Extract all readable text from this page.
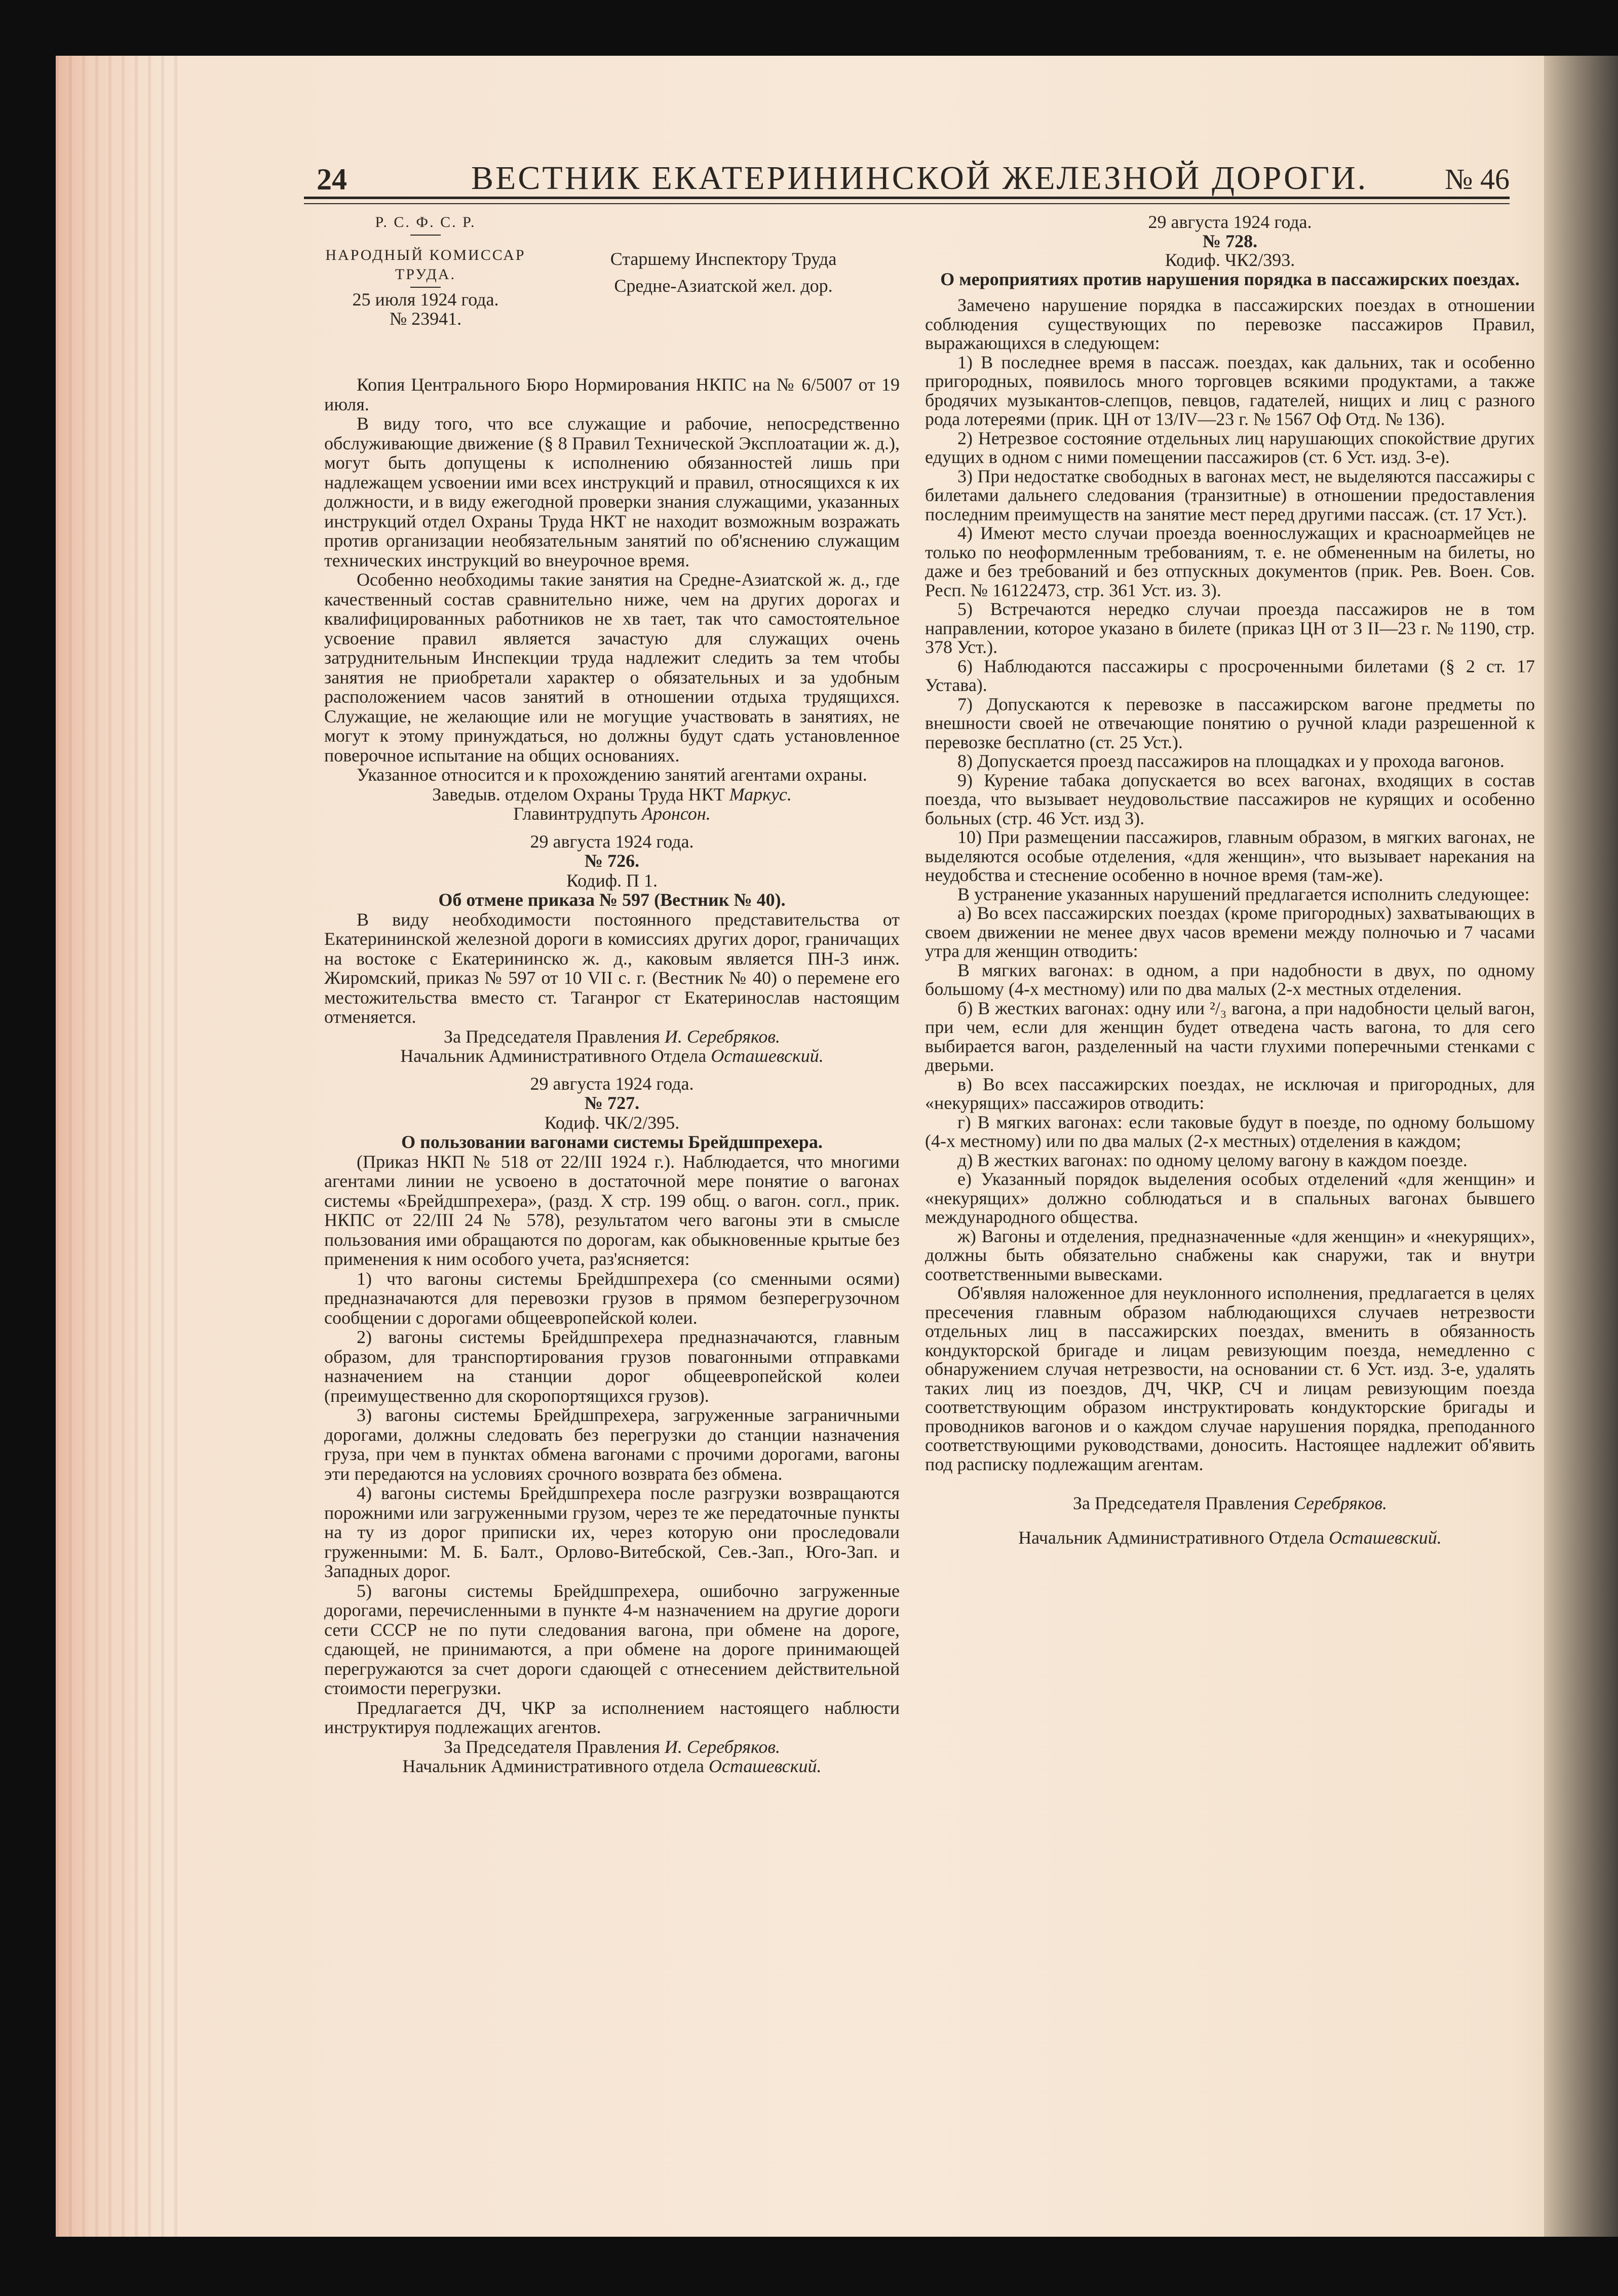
24	ВЕСТНИК ЕКАТЕРИНИНСКОЙ ЖЕЛЕЗНОЙ ДОРОГИ.	№ 46
Р. С. Ф. С. Р.
НАРОДНЫЙ КОМИССАР
ТРУДА.
25 июля 1924 года.
№ 23941.
Старшему Инспектору Труда
Средне-Азиатской жел. дор.

Копия Центрального Бюро Нормирования НКПС на № 6/5007 от 19 июля.

В виду того, что все служащие и рабочие, непосредственно обслуживающие движение (§ 8 Правил Технической Эксплоатации ж. д.), могут быть допущены к исполнению обязанностей лишь при надлежащем усвоении ими всех инструкций и правил, относящихся к их должности, и в виду ежегодной проверки знания служащими, указанных инструкций отдел Охраны Труда НКТ не находит возможным возражать против организации необязательным занятий по об'яснению служащим технических инструкций во внеурочное время.

Особенно необходимы такие занятия на Средне-Азиатской ж. д., где качественный состав сравнительно ниже, чем на других дорогах и квалифицированных работников не хв тает, так что самостоятельное усвоение правил является зачастую для служащих очень затруднительным Инспекции труда надлежит следить за тем чтобы занятия не приобретали характер о обязательных и за удобным расположением часов занятий в отношении отдыха трудящихся. Служащие, не желающие или не могущие участвовать в занятиях, не могут к этому принуждаться, но должны будут сдать установленное поверочное испытание на общих основаниях.

Указанное относится и к прохождению занятий агентами охраны.

Заведыв. отделом Охраны Труда НКТ Маркус.

Главинтрудпуть Аронсон.

29 августа 1924 года.

№ 726.

Кодиф. П 1.

Об отмене приказа № 597 (Вестник № 40).

В виду необходимости постоянного представительства от Екатерининской железной дороги в комиссиях других дорог, граничащих на востоке с Екатерининско ж. д., каковым является ПН-3 инж. Жиромский, приказ № 597 от 10 VII с. г. (Вестник № 40) о перемене его местожительства вместо ст. Таганрог ст Екатеринослав настоящим отменяется.

За Председателя Правления И. Серебряков.

Начальник Административного Отдела Осташевский.

29 августа 1924 года.

№ 727.

Кодиф. ЧК/2/395.

О пользовании вагонами системы Брейдшпрехера.

(Приказ НКП № 518 от 22/III 1924 г.). Наблюдается, что многими агентами линии не усвоено в достаточной мере понятие о вагонах системы «Брейдшпрехера», (разд. X стр. 199 общ. о вагон. согл., прик. НКПС от 22/III 24 № 578), результатом чего вагоны эти в смысле пользования ими обращаются по дорогам, как обыкновенные крытые без применения к ним особого учета, раз'ясняется:

1) что вагоны системы Брейдшпрехера (со сменными осями) предназначаются для перевозки грузов в прямом безперегрузочном сообщении с дорогами общеевропейской колеи.

2) вагоны системы Брейдшпрехера предназначаются, главным образом, для транспортирования грузов повагонными отправками назначением на станции дорог общеевропейской колеи (преимущественно для скоропортящихся грузов).

3) вагоны системы Брейдшпрехера, загруженные заграничными дорогами, должны следовать без перегрузки до станции назначения груза, при чем в пунктах обмена вагонами с прочими дорогами, вагоны эти передаются на условиях срочного возврата без обмена.

4) вагоны системы Брейдшпрехера после разгрузки возвращаются порожними или загруженными грузом, через те же передаточные пункты на ту из дорог приписки их, через которую они проследовали груженными: М. Б. Балт., Орлово-Витебской, Сев.-Зап., Юго-Зап. и Западных дорог.

5) вагоны системы Брейдшпрехера, ошибочно загруженные дорогами, перечисленными в пункте 4-м назначением на другие дороги сети СССР не по пути следования вагона, при обмене на дороге, сдающей, не принимаются, а при обмене на дороге принимающей перегружаются за счет дороги сдающей с отнесением действительной стоимости перегрузки.

Предлагается ДЧ, ЧКР за исполнением настоящего наблюсти инструктируя подлежащих агентов.

За Председателя Правления И. Серебряков.

Начальник Административного отдела Осташевский.

29 августа 1924 года.

№ 728.

Кодиф. ЧК2/393.

О мероприятиях против нарушения порядка в пассажирских поездах.

Замечено нарушение порядка в пассажирских поездах в отношении соблюдения существующих по перевозке пассажиров Правил, выражающихся в следующем:

1) В последнее время в пассаж. поездах, как дальних, так и особенно пригородных, появилось много торговцев всякими продуктами, а также бродячих музыкантов-слепцов, певцов, гадателей, нищих и лиц с разного рода лотереями (прик. ЦН от 13/IV—23 г. № 1567 Оф Отд. № 136).

2) Нетрезвое состояние отдельных лиц нарушающих спокойствие других едущих в одном с ними помещении пассажиров (ст. 6 Уст. изд. 3-е).

3) При недостатке свободных в вагонах мест, не выделяются пассажиры с билетами дальнего следования (транзитные) в отношении предоставления последним преимуществ на занятие мест перед другими пассаж. (ст. 17 Уст.).

4) Имеют место случаи проезда военнослужащих и красноармейцев не только по неоформленным требованиям, т. е. не обмененным на билеты, но даже и без требований и без отпускных документов (прик. Рев. Воен. Сов. Респ. № 16122473, стр. 361 Уст. из. 3).

5) Встречаются нередко случаи проезда пассажиров не в том направлении, которое указано в билете (приказ ЦН от 3 II—23 г. № 1190, стр. 378 Уст.).

6) Наблюдаются пассажиры с просроченными билетами (§ 2 ст. 17 Устава).

7) Допускаются к перевозке в пассажирском вагоне предметы по внешности своей не отвечающие понятию о ручной клади разрешенной к перевозке бесплатно (ст. 25 Уст.).

8) Допускается проезд пассажиров на площадках и у прохода вагонов.

9) Курение табака допускается во всех вагонах, входящих в состав поезда, что вызывает неудовольствие пассажиров не курящих и особенно больных (стр. 46 Уст. изд 3).

10) При размещении пассажиров, главным образом, в мягких вагонах, не выделяются особые отделения, «для женщин», что вызывает нарекания на неудобства и стеснение особенно в ночное время (там-же).

В устранение указанных нарушений предлагается исполнить следующее:

а) Во всех пассажирских поездах (кроме пригородных) захватывающих в своем движении не менее двух часов времени между полночью и 7 часами утра для женщин отводить:

В мягких вагонах: в одном, а при надобности в двух, по одному большому (4-х местному) или по два малых (2-х местных отделения.

б) В жестких вагонах: одну или ²/₃ вагона, а при надобности целый вагон, при чем, если для женщин будет отведена часть вагона, то для сего выбирается вагон, разделенный на части глухими поперечными стенками с дверьми.

в) Во всех пассажирских поездах, не исключая и пригородных, для «некурящих» пассажиров отводить:

г) В мягких вагонах: если таковые будут в поезде, по одному большому (4-х местному) или по два малых (2-х местных) отделения в каждом;

д) В жестких вагонах: по одному целому вагону в каждом поезде.

е) Указанный порядок выделения особых отделений «для женщин» и «некурящих» должно соблюдаться и в спальных вагонах бывшего международного общества.

ж) Вагоны и отделения, предназначенные «для женщин» и «некурящих», должны быть обязательно снабжены как снаружи, так и внутри соответственными вывесками.

Об'являя наложенное для неуклонного исполнения, предлагается в целях пресечения главным образом наблюдающихся случаев нетрезвости отдельных лиц в пассажирских поездах, вменить в обязанность кондукторской бригаде и лицам ревизующим поезда, немедленно с обнаружением случая нетрезвости, на основании ст. 6 Уст. изд. 3-е, удалять таких лиц из поездов, ДЧ, ЧКР, СЧ и лицам ревизующим поезда соответствующим образом инструктировать кондукторские бригады и проводников вагонов и о каждом случае нарушения порядка, преподанного соответствующими руководствами, доносить. Настоящее надлежит об'явить под расписку подлежащим агентам.

За Председателя Правления Серебряков.

Начальник Административного Отдела Осташевский.
